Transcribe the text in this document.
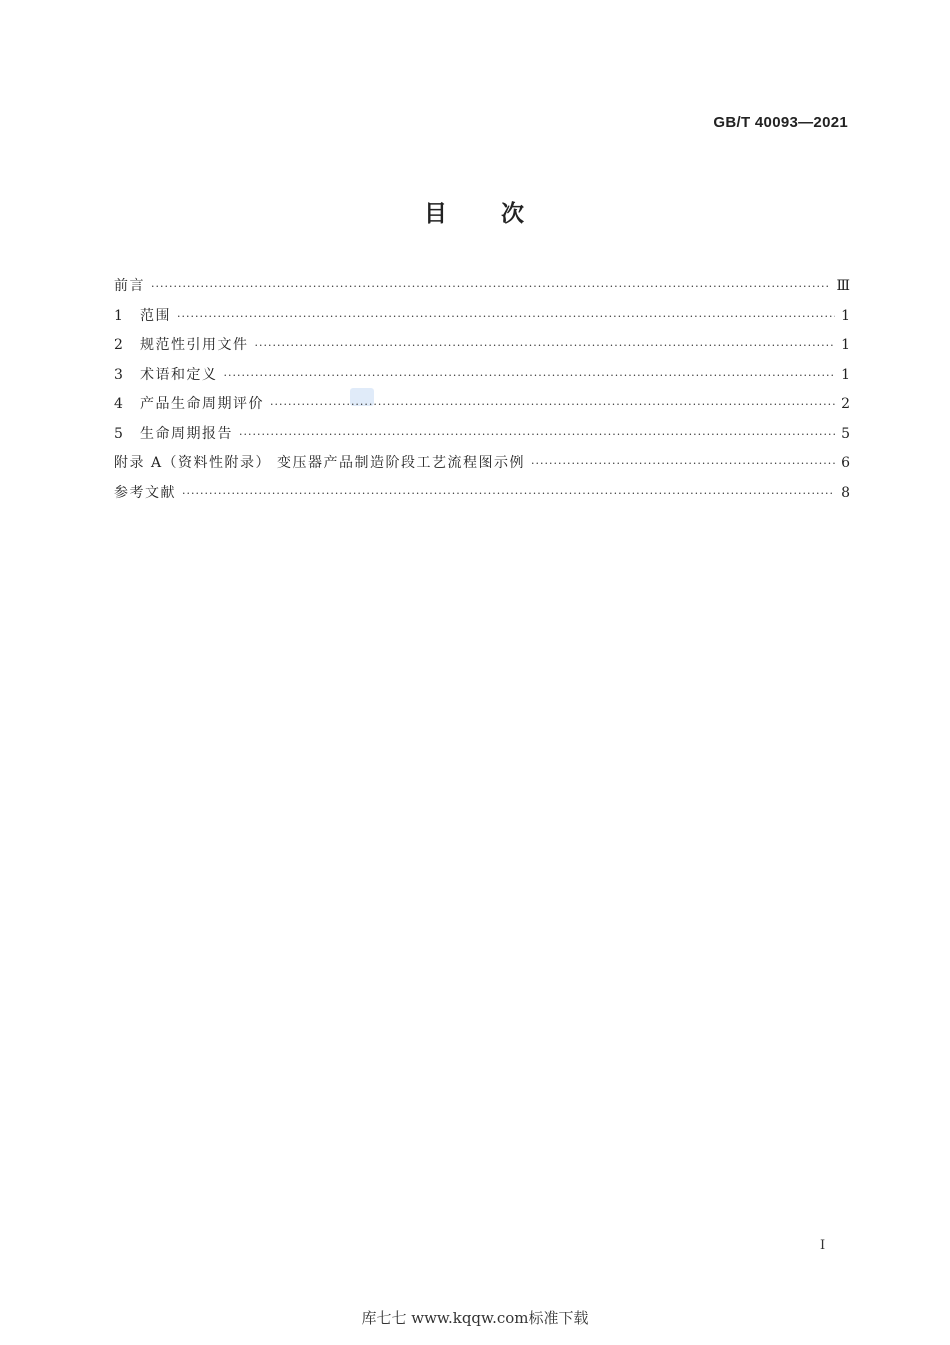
GB/T 40093—2021
目 次
前言 ·····	Ⅲ
1	范围 ·····	1
2	规范性引用文件 ·····	1
3	术语和定义 ·····	1
4	产品生命周期评价 ·····	2
5	生命周期报告 ·····	5
附录 A（资料性附录） 变压器产品制造阶段工艺流程图示例 ·····	6
参考文献 ·····	8
I
库七七 www.kqqw.com标准下载
